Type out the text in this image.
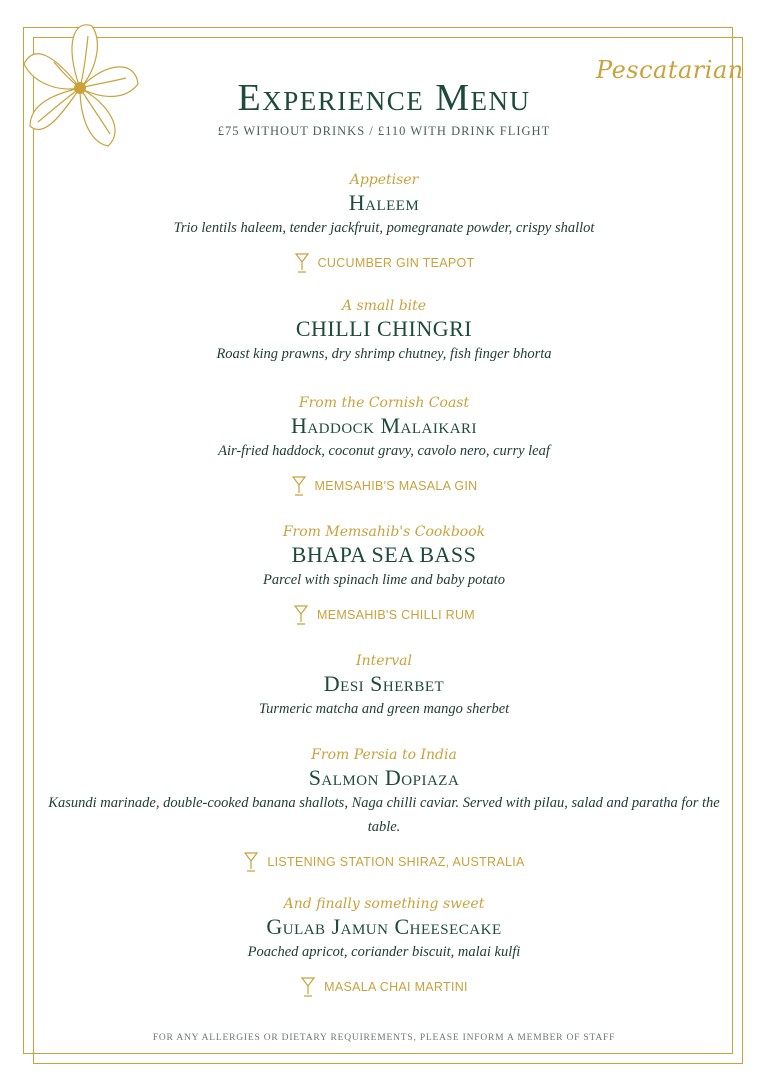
Pescatarian
Experience Menu
£75 WITHOUT DRINKS / £110 WITH DRINK FLIGHT
Appetiser
Haleem
Trio lentils haleem, tender jackfruit, pomegranate powder, crispy shallot
CUCUMBER GIN TEAPOT
A small bite
CHILLI CHINGRI
Roast king prawns, dry shrimp chutney, fish finger bhorta
From the Cornish Coast
Haddock Malaikari
Air-fried haddock, coconut gravy, cavolo nero, curry leaf
MEMSAHIB'S MASALA GIN
From Memsahib's Cookbook
BHAPA SEA BASS
Parcel with spinach lime and baby potato
MEMSAHIB'S CHILLI RUM
Interval
Desi Sherbet
Turmeric matcha and green mango sherbet
From Persia to India
Salmon Dopiaza
Kasundi marinade, double-cooked banana shallots, Naga chilli caviar. Served with pilau, salad and paratha for the table.
LISTENING STATION SHIRAZ, AUSTRALIA
And finally something sweet
Gulab Jamun Cheesecake
Poached apricot, coriander biscuit, malai kulfi
MASALA CHAI MARTINI
FOR ANY ALLERGIES OR DIETARY REQUIREMENTS, PLEASE INFORM A MEMBER OF STAFF
